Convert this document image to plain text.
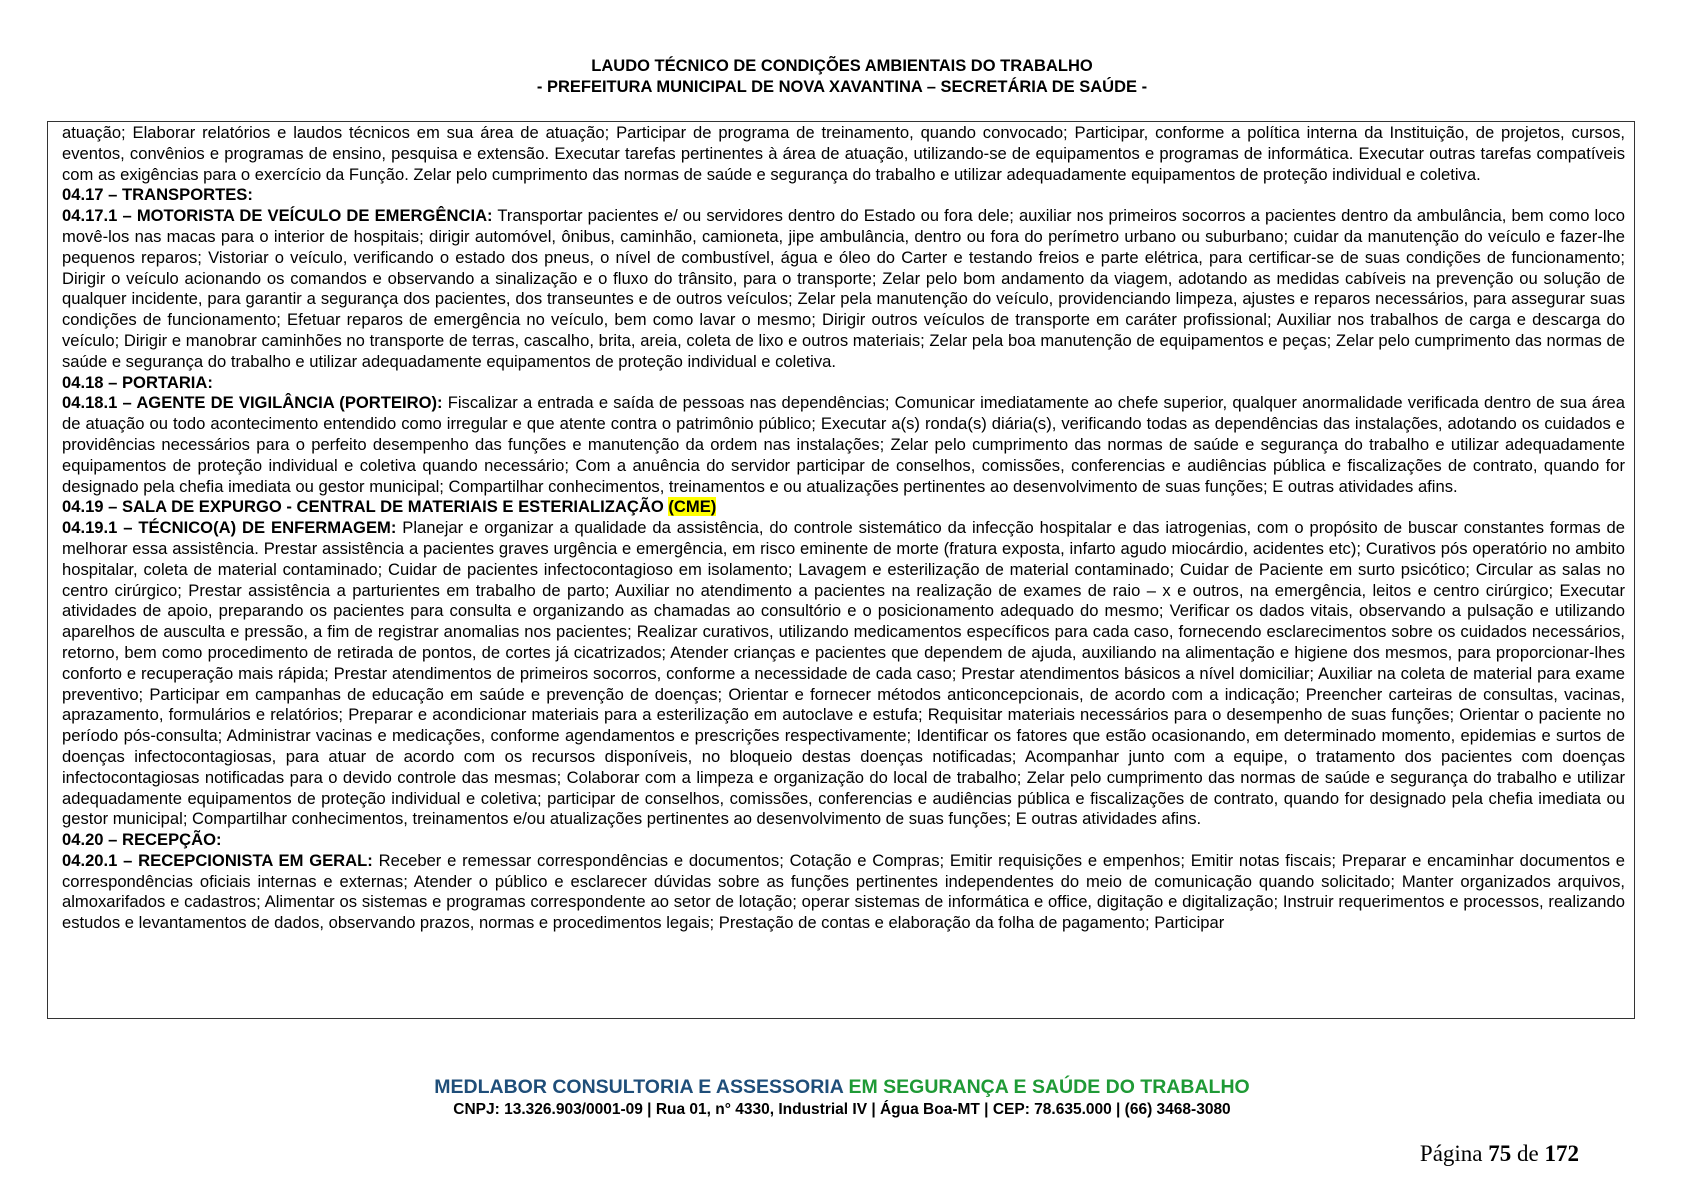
LAUDO TÉCNICO DE CONDIÇÕES AMBIENTAIS DO TRABALHO
- PREFEITURA MUNICIPAL DE NOVA XAVANTINA – SECRETÁRIA DE SAÚDE -

atuação; Elaborar relatórios e laudos técnicos em sua área de atuação; Participar de programa de treinamento, quando convocado; Participar, conforme a política interna da Instituição, de projetos, cursos, eventos, convênios e programas de ensino, pesquisa e extensão. Executar tarefas pertinentes à área de atuação, utilizando-se de equipamentos e programas de informática. Executar outras tarefas compatíveis com as exigências para o exercício da Função. Zelar pelo cumprimento das normas de saúde e segurança do trabalho e utilizar adequadamente equipamentos de proteção individual e coletiva.

04.17 – TRANSPORTES:

04.17.1 – MOTORISTA DE VEÍCULO DE EMERGÊNCIA: Transportar pacientes e/ ou servidores dentro do Estado ou fora dele; auxiliar nos primeiros socorros a pacientes dentro da ambulância, bem como loco movê-los nas macas para o interior de hospitais; dirigir automóvel, ônibus, caminhão, camioneta, jipe ambulância, dentro ou fora do perímetro urbano ou suburbano; cuidar da manutenção do veículo e fazer-lhe pequenos reparos; Vistoriar o veículo, verificando o estado dos pneus, o nível de combustível, água e óleo do Carter e testando freios e parte elétrica, para certificar-se de suas condições de funcionamento; Dirigir o veículo acionando os comandos e observando a sinalização e o fluxo do trânsito, para o transporte; Zelar pelo bom andamento da viagem, adotando as medidas cabíveis na prevenção ou solução de qualquer incidente, para garantir a segurança dos pacientes, dos transeuntes e de outros veículos; Zelar pela manutenção do veículo, providenciando limpeza, ajustes e reparos necessários, para assegurar suas condições de funcionamento; Efetuar reparos de emergência no veículo, bem como lavar o mesmo; Dirigir outros veículos de transporte em caráter profissional; Auxiliar nos trabalhos de carga e descarga do veículo; Dirigir e manobrar caminhões no transporte de terras, cascalho, brita, areia, coleta de lixo e outros materiais; Zelar pela boa manutenção de equipamentos e peças; Zelar pelo cumprimento das normas de saúde e segurança do trabalho e utilizar adequadamente equipamentos de proteção individual e coletiva.

04.18 – PORTARIA:

04.18.1 – AGENTE DE VIGILÂNCIA (PORTEIRO): Fiscalizar a entrada e saída de pessoas nas dependências; Comunicar imediatamente ao chefe superior, qualquer anormalidade verificada dentro de sua área de atuação ou todo acontecimento entendido como irregular e que atente contra o patrimônio público; Executar a(s) ronda(s) diária(s), verificando todas as dependências das instalações, adotando os cuidados e providências necessários para o perfeito desempenho das funções e manutenção da ordem nas instalações; Zelar pelo cumprimento das normas de saúde e segurança do trabalho e utilizar adequadamente equipamentos de proteção individual e coletiva quando necessário; Com a anuência do servidor participar de conselhos, comissões, conferencias e audiências pública e fiscalizações de contrato, quando for designado pela chefia imediata ou gestor municipal; Compartilhar conhecimentos, treinamentos e ou atualizações pertinentes ao desenvolvimento de suas funções; E outras atividades afins.

04.19 – SALA DE EXPURGO - CENTRAL DE MATERIAIS E ESTERIALIZAÇÃO (CME)

04.19.1 – TÉCNICO(A) DE ENFERMAGEM: Planejar e organizar a qualidade da assistência, do controle sistemático da infecção hospitalar e das iatrogenias, com o propósito de buscar constantes formas de melhorar essa assistência. Prestar assistência a pacientes graves urgência e emergência, em risco eminente de morte (fratura exposta, infarto agudo miocárdio, acidentes etc); Curativos pós operatório no ambito hospitalar, coleta de material contaminado; Cuidar de pacientes infectocontagioso em isolamento; Lavagem e esterilização de material contaminado; Cuidar de Paciente em surto psicótico; Circular as salas no centro cirúrgico; Prestar assistência a parturientes em trabalho de parto; Auxiliar no atendimento a pacientes na realização de exames de raio – x e outros, na emergência, leitos e centro cirúrgico; Executar atividades de apoio, preparando os pacientes para consulta e organizando as chamadas ao consultório e o posicionamento adequado do mesmo; Verificar os dados vitais, observando a pulsação e utilizando aparelhos de ausculta e pressão, a fim de registrar anomalias nos pacientes; Realizar curativos, utilizando medicamentos específicos para cada caso, fornecendo esclarecimentos sobre os cuidados necessários, retorno, bem como procedimento de retirada de pontos, de cortes já cicatrizados; Atender crianças e pacientes que dependem de ajuda, auxiliando na alimentação e higiene dos mesmos, para proporcionar-lhes conforto e recuperação mais rápida; Prestar atendimentos de primeiros socorros, conforme a necessidade de cada caso; Prestar atendimentos básicos a nível domiciliar; Auxiliar na coleta de material para exame preventivo; Participar em campanhas de educação em saúde e prevenção de doenças; Orientar e fornecer métodos anticoncepcionais, de acordo com a indicação; Preencher carteiras de consultas, vacinas, aprazamento, formulários e relatórios; Preparar e acondicionar materiais para a esterilização em autoclave e estufa; Requisitar materiais necessários para o desempenho de suas funções; Orientar o paciente no período pós-consulta; Administrar vacinas e medicações, conforme agendamentos e prescrições respectivamente; Identificar os fatores que estão ocasionando, em determinado momento, epidemias e surtos de doenças infectocontagiosas, para atuar de acordo com os recursos disponíveis, no bloqueio destas doenças notificadas; Acompanhar junto com a equipe, o tratamento dos pacientes com doenças infectocontagiosas notificadas para o devido controle das mesmas; Colaborar com a limpeza e organização do local de trabalho; Zelar pelo cumprimento das normas de saúde e segurança do trabalho e utilizar adequadamente equipamentos de proteção individual e coletiva; participar de conselhos, comissões, conferencias e audiências pública e fiscalizações de contrato, quando for designado pela chefia imediata ou gestor municipal; Compartilhar conhecimentos, treinamentos e/ou atualizações pertinentes ao desenvolvimento de suas funções; E outras atividades afins.

04.20 – RECEPÇÃO:

04.20.1 – RECEPCIONISTA EM GERAL: Receber e remessar correspondências e documentos; Cotação e Compras; Emitir requisições e empenhos; Emitir notas fiscais; Preparar e encaminhar documentos e correspondências oficiais internas e externas; Atender o público e esclarecer dúvidas sobre as funções pertinentes independentes do meio de comunicação quando solicitado; Manter organizados arquivos, almoxarifados e cadastros; Alimentar os sistemas e programas correspondente ao setor de lotação; operar sistemas de informática e office, digitação e digitalização; Instruir requerimentos e processos, realizando estudos e levantamentos de dados, observando prazos, normas e procedimentos legais; Prestação de contas e elaboração da folha de pagamento; Participar

MEDLABOR CONSULTORIA E ASSESSORIA EM SEGURANÇA E SAÚDE DO TRABALHO
CNPJ: 13.326.903/0001-09 | Rua 01, n° 4330, Industrial IV | Água Boa-MT | CEP: 78.635.000 | (66) 3468-3080
Página 75 de 172
